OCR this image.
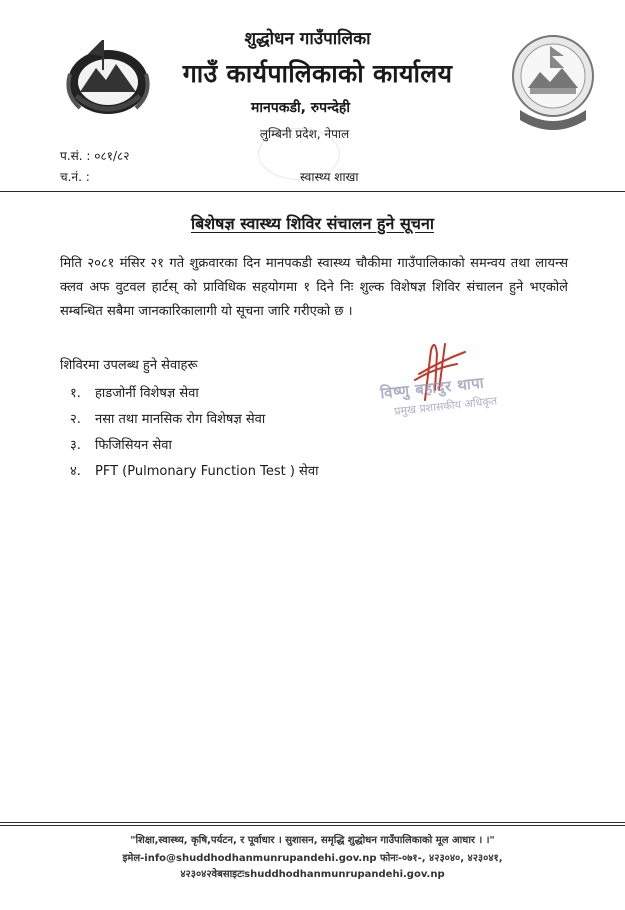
शुद्धोधन गाउँपालिका
गाउँ कार्यपालिकाको कार्यालय
मानपकडी, रुपन्देही
लुम्बिनी प्रदेश, नेपाल
प.सं. : ०८१/८२
च.नं. :	स्वास्थ्य शाखा
बिशेषज्ञ स्वास्थ्य शिविर संचालन हुने सूचना
मिति २०८१ मंसिर २१ गते शुक्रवारका दिन मानपकडी स्वास्थ्य चौकीमा गाउँपालिकाको समन्वय तथा लायन्स क्लव अफ वुटवल हार्टस् को प्राविधिक सहयोगमा १ दिने निः शुल्क विशेषज्ञ शिविर संचालन हुने भएकोले सम्बन्धित सबैमा जानकारिकालागी यो सूचना जारि गरीएको छ ।
शिविरमा उपलब्ध हुने सेवाहरू
१.	हाडजोर्नी विशेषज्ञ सेवा
२.	नसा तथा मानसिक रोग विशेषज्ञ सेवा
३.	फिजिसियन सेवा
४.	PFT (Pulmonary Function Test ) सेवा
विष्णु बहादुर थापा
प्रमुख प्रशासकीय अधिकृत
"शिक्षा,स्वास्थ्य, कृषि,पर्यटन, र पूर्वाधार । सुशासन, समृद्धि शुद्धोधन गाउँपालिकाको मूल आधार । ।"
इमेल-info@shuddhodhanmunrupandehi.gov.np फोनः-०७१-, ४२३०४०, ४२३०४१,
४२३०४२वेबसाइटःshuddhodhanmunrupandehi.gov.np
